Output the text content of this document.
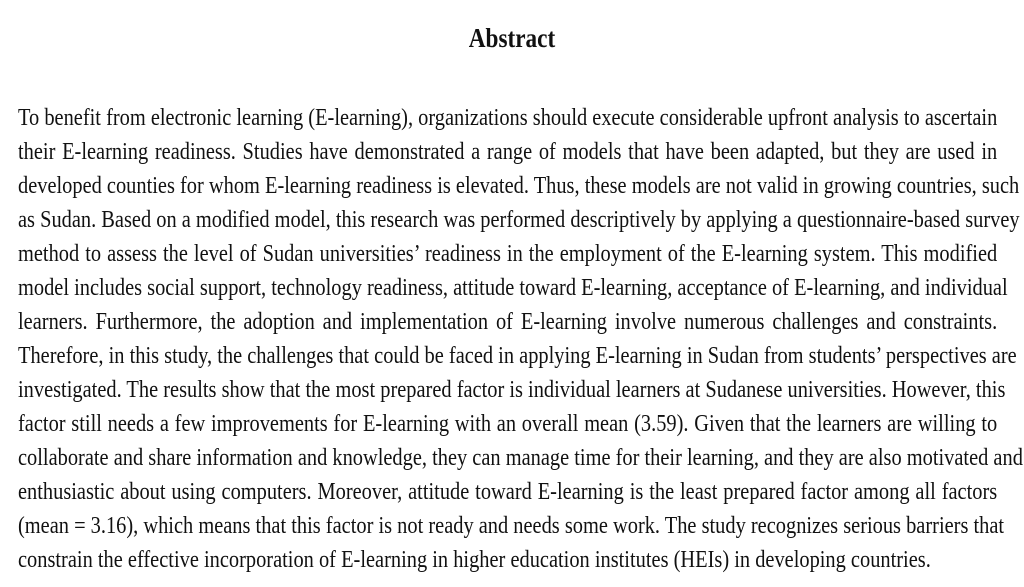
Abstract
To benefit from electronic learning (E-learning), organizations should execute considerable upfront analysis to ascertain
their E-learning readiness. Studies have demonstrated a range of models that have been adapted, but they are used in
developed counties for whom E-learning readiness is elevated. Thus, these models are not valid in growing countries, such
as Sudan. Based on a modified model, this research was performed descriptively by applying a questionnaire-based survey
method to assess the level of Sudan universities’ readiness in the employment of the E-learning system. This modified
model includes social support, technology readiness, attitude toward E-learning, acceptance of E-learning, and individual
learners. Furthermore, the adoption and implementation of E-learning involve numerous challenges and constraints.
Therefore, in this study, the challenges that could be faced in applying E-learning in Sudan from students’ perspectives are
investigated. The results show that the most prepared factor is individual learners at Sudanese universities. However, this
factor still needs a few improvements for E-learning with an overall mean (3.59). Given that the learners are willing to
collaborate and share information and knowledge, they can manage time for their learning, and they are also motivated and
enthusiastic about using computers. Moreover, attitude toward E-learning is the least prepared factor among all factors
(mean = 3.16), which means that this factor is not ready and needs some work. The study recognizes serious barriers that
constrain the effective incorporation of E-learning in higher education institutes (HEIs) in developing countries.
